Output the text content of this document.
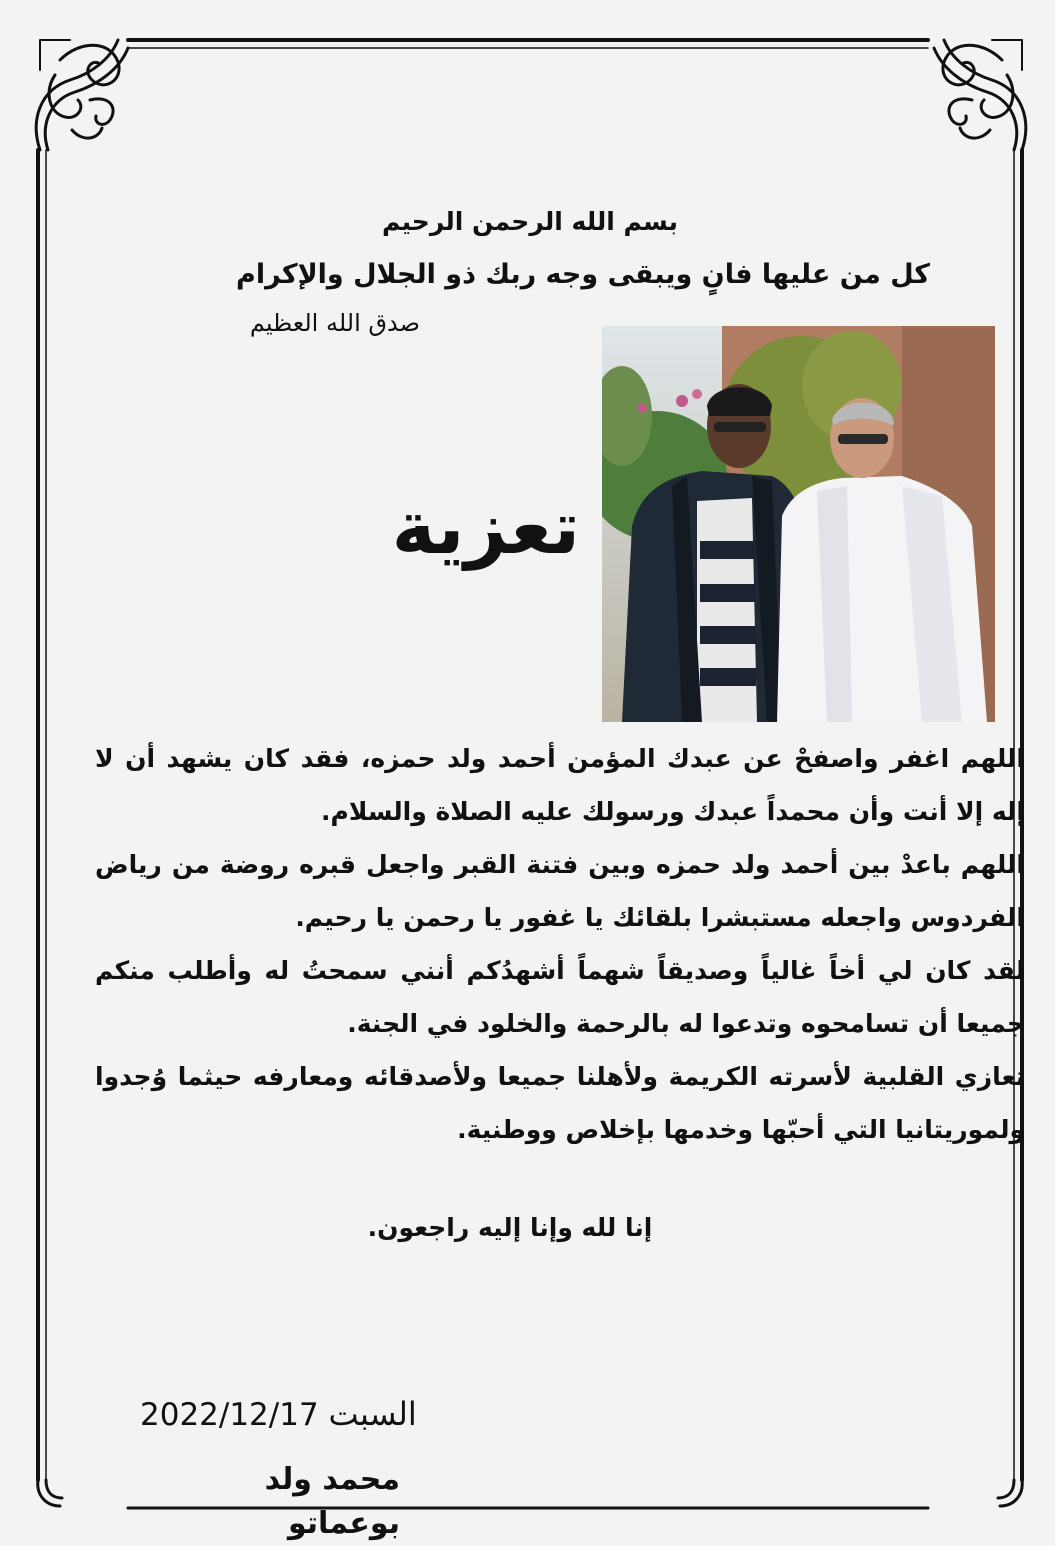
بسم الله الرحمن الرحيم
كل من عليها فانٍ ويبقى وجه ربك ذو الجلال والإكرام
صدق الله العظيم
تعزية

اللهم اغفر واصفحْ عن عبدك المؤمن أحمد ولد حمزه، فقد كان يشهد أن لا إله إلا أنت وأن محمداً عبدك ورسولك عليه الصلاة والسلام.

اللهم باعدْ بين أحمد ولد حمزه وبين فتنة القبر واجعل قبره روضة من رياض الفردوس واجعله مستبشرا بلقائك يا غفور يا رحمن يا رحيم.

لقد كان لي أخاً غالياً وصديقاً شهماً أشهدُكم أنني سمحتُ له وأطلب منكم جميعا أن تسامحوه وتدعوا له بالرحمة والخلود في الجنة.

تعازي القلبية لأسرته الكريمة ولأهلنا جميعا ولأصدقائه ومعارفه حيثما وُجدوا ولموريتانيا التي أحبّها وخدمها بإخلاص ووطنية.

إنا لله وإنا إليه راجعون.
2022/12/17 السبت
محمد ولد بوعماتو
